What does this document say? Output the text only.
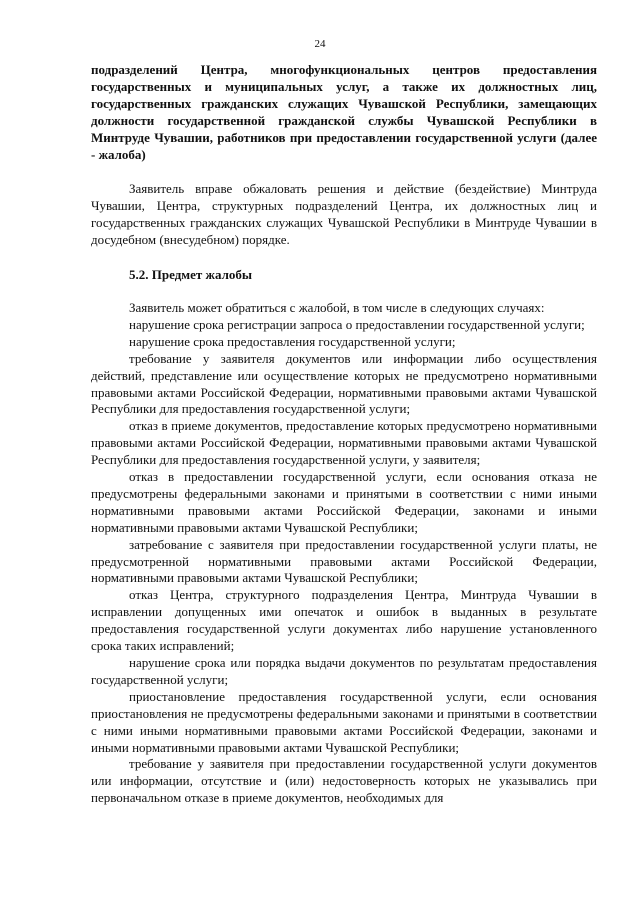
24

подразделений Центра, многофункциональных центров предоставления государственных и муниципальных услуг, а также их должностных лиц, государственных гражданских служащих Чувашской Республики, замещающих должности государственной гражданской службы Чувашской Республики в Минтруде Чувашии, работников при предоставлении государственной услуги (далее - жалоба)

Заявитель вправе обжаловать решения и действие (бездействие) Минтруда Чувашии, Центра, структурных подразделений Центра, их должностных лиц и государственных гражданских служащих Чувашской Республики в Минтруде Чувашии в досудебном (внесудебном) порядке.

5.2. Предмет жалобы

Заявитель может обратиться с жалобой, в том числе в следующих случаях:

нарушение срока регистрации запроса о предоставлении государственной услуги;

нарушение срока предоставления государственной услуги;

требование у заявителя документов или информации либо осуществления действий, представление или осуществление которых не предусмотрено нормативными правовыми актами Российской Федерации, нормативными правовыми актами Чувашской Республики для предоставления государственной услуги;

отказ в приеме документов, предоставление которых предусмотрено нормативными правовыми актами Российской Федерации, нормативными правовыми актами Чувашской Республики для предоставления государственной услуги, у заявителя;

отказ в предоставлении государственной услуги, если основания отказа не предусмотрены федеральными законами и принятыми в соответствии с ними иными нормативными правовыми актами Российской Федерации, законами и иными нормативными правовыми актами Чувашской Республики;

затребование с заявителя при предоставлении государственной услуги платы, не предусмотренной нормативными правовыми актами Российской Федерации, нормативными правовыми актами Чувашской Республики;

отказ Центра, структурного подразделения Центра, Минтруда Чувашии в исправлении допущенных ими опечаток и ошибок в выданных в результате предоставления государственной услуги документах либо нарушение установленного срока таких исправлений;

нарушение срока или порядка выдачи документов по результатам предоставления государственной услуги;

приостановление предоставления государственной услуги, если основания приостановления не предусмотрены федеральными законами и принятыми в соответствии с ними иными нормативными правовыми актами Российской Федерации, законами и иными нормативными правовыми актами Чувашской Республики;

требование у заявителя при предоставлении государственной услуги документов или информации, отсутствие и (или) недостоверность которых не указывались при первоначальном отказе в приеме документов, необходимых для
